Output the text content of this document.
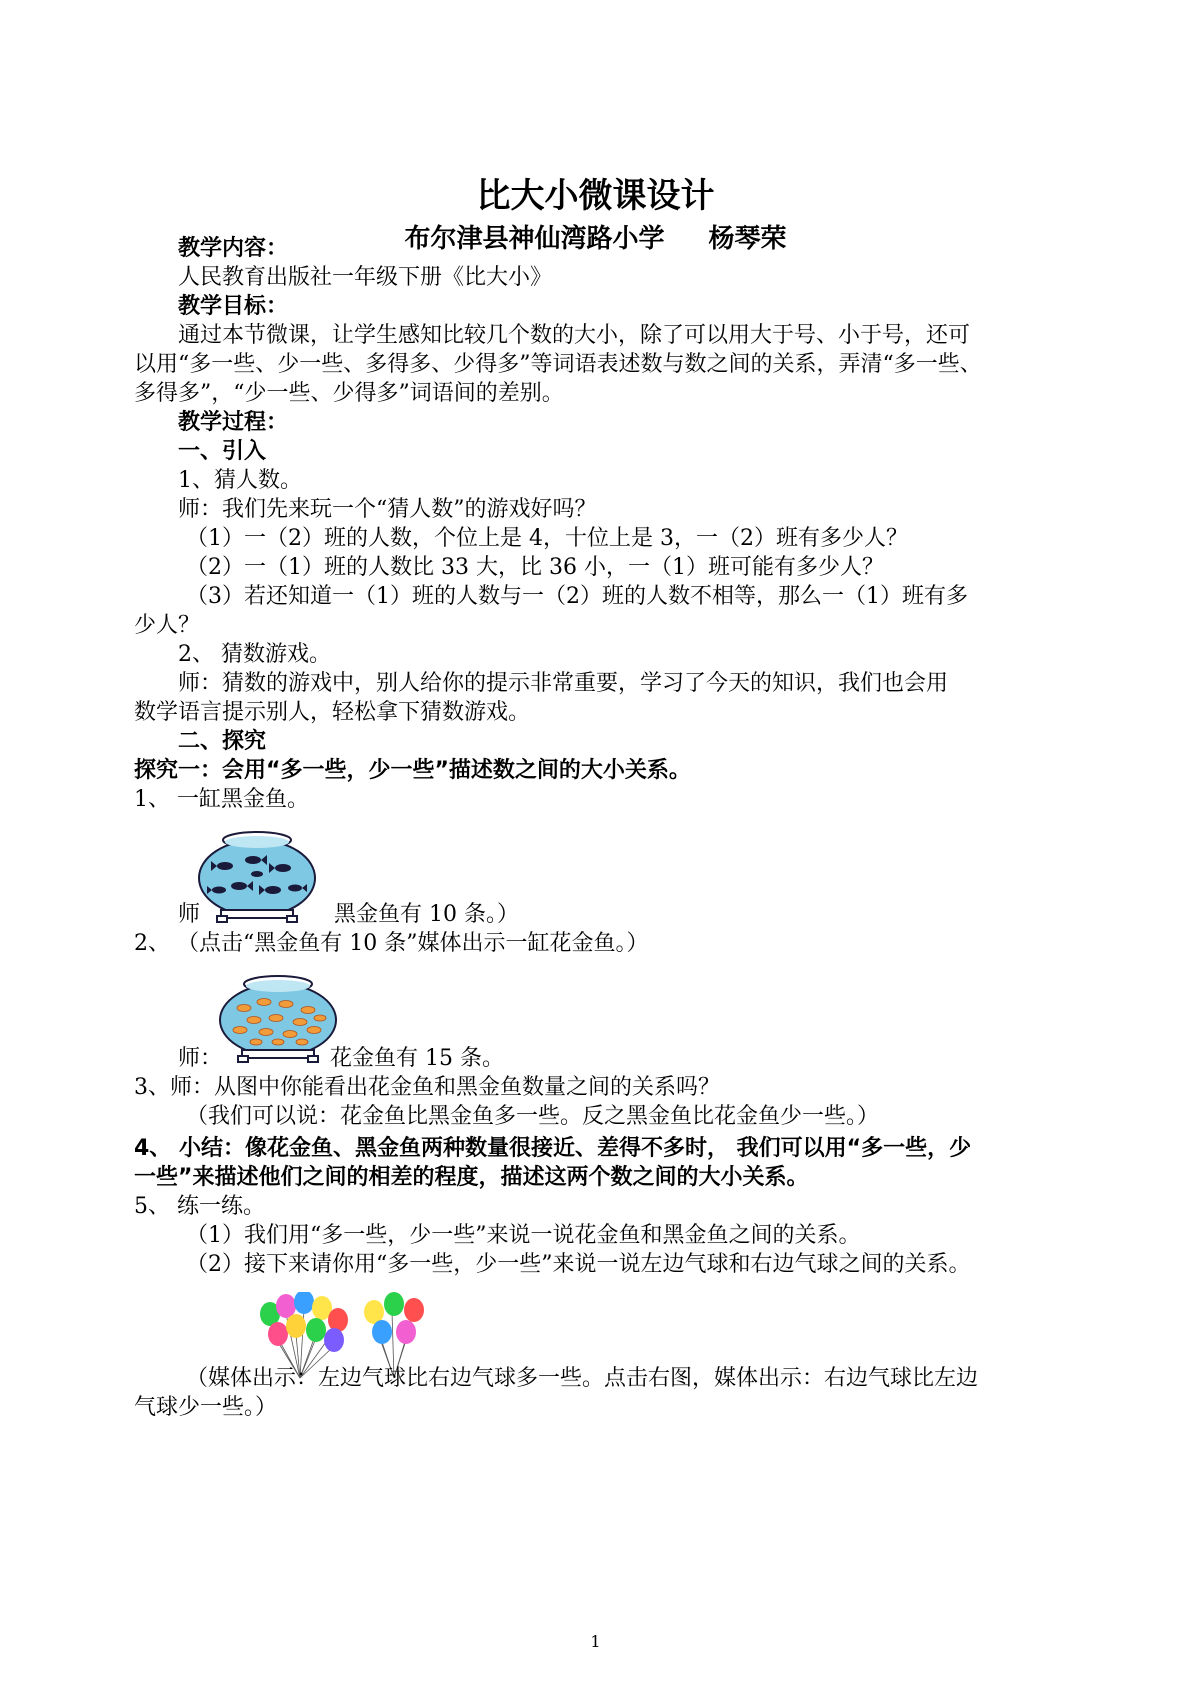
比大小微课设计
布尔津县神仙湾路小学 杨琴荣
教学内容：
人民教育出版社一年级下册《比大小》
教学目标：
通过本节微课，让学生感知比较几个数的大小，除了可以用大于号、小于号，还可
以用“多一些、少一些、多得多、少得多”等词语表述数与数之间的关系，弄清“多一些、
多得多”，“少一些、少得多”词语间的差别。
教学过程：
一、引入
1、猜人数。
师：我们先来玩一个“猜人数”的游戏好吗？
（1）一（2）班的人数，个位上是 4，十位上是 3，一（2）班有多少人？
（2）一（1）班的人数比 33 大，比 36 小，一（1）班可能有多少人？
（3）若还知道一（1）班的人数与一（2）班的人数不相等，那么一（1）班有多
少人？
2、 猜数游戏。
师：猜数的游戏中，别人给你的提示非常重要，学习了今天的知识，我们也会用
数学语言提示别人，轻松拿下猜数游戏。
二、探究
探究一：会用“多一些，少一些”描述数之间的大小关系。
1、 一缸黑金鱼。
师	黑金鱼有 10 条。）
2、 （点击“黑金鱼有 10 条”媒体出示一缸花金鱼。）
师：	花金鱼有 15 条。
3、师：从图中你能看出花金鱼和黑金鱼数量之间的关系吗？
（我们可以说：花金鱼比黑金鱼多一些。反之黑金鱼比花金鱼少一些。）
4、 小结：像花金鱼、黑金鱼两种数量很接近、差得不多时， 我们可以用“多一些，少
一些”来描述他们之间的相差的程度，描述这两个数之间的大小关系。
5、 练一练。
（1）我们用“多一些，少一些”来说一说花金鱼和黑金鱼之间的关系。
（2）接下来请你用“多一些，少一些”来说一说左边气球和右边气球之间的关系。
（媒体出示：左边气球比右边气球多一些。点击右图，媒体出示：右边气球比左边
气球少一些。）
1
